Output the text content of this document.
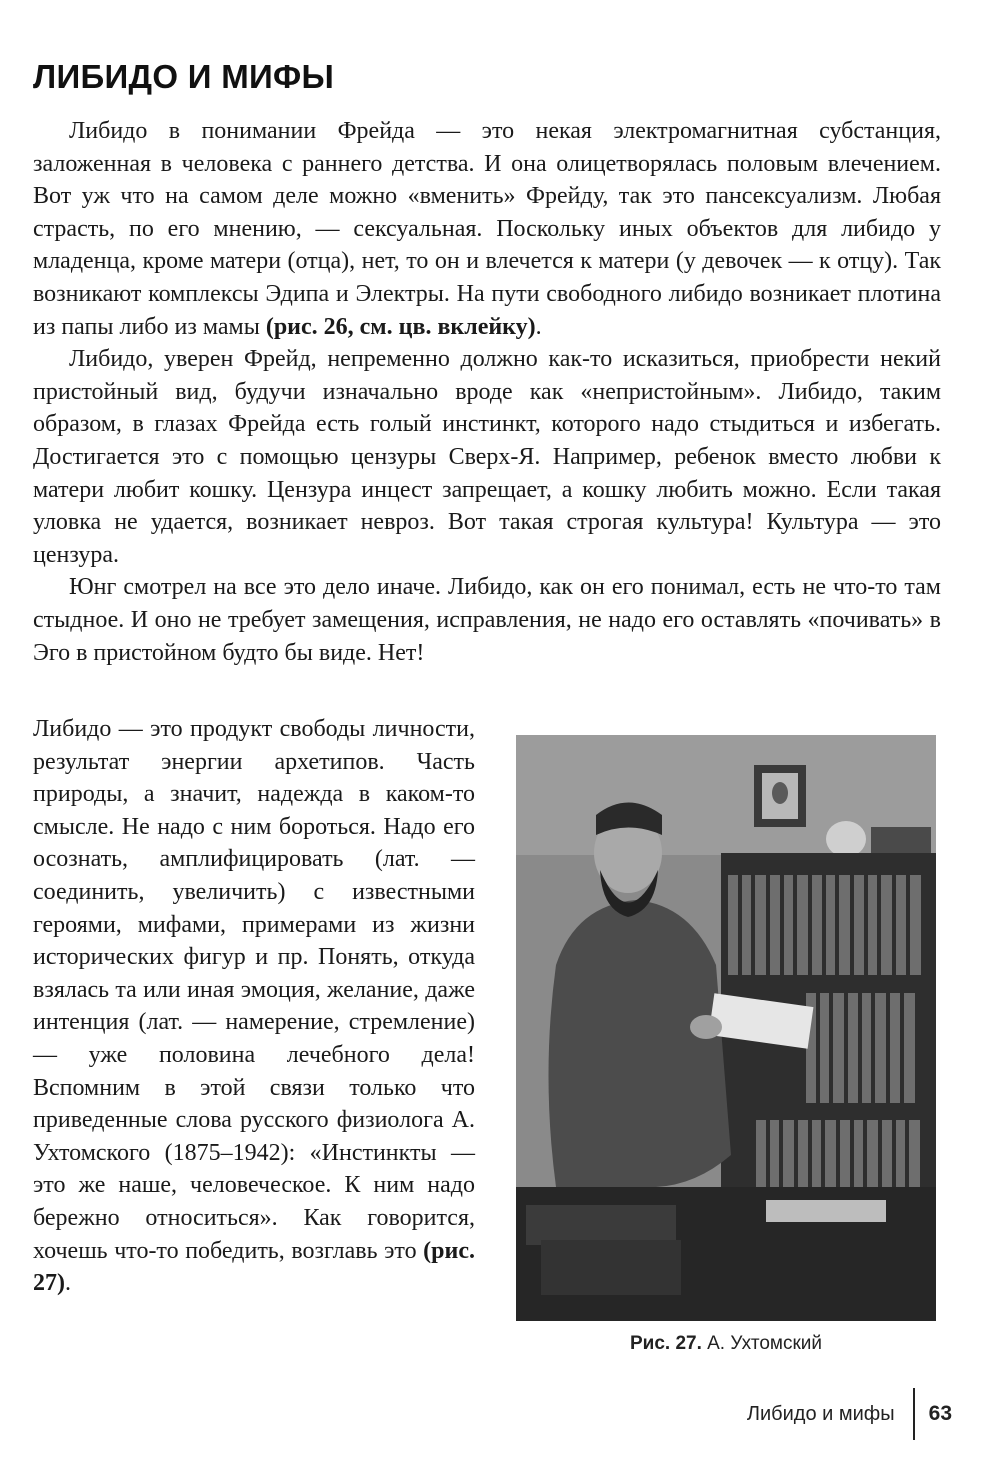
ЛИБИДО И МИФЫ

Либидо в понимании Фрейда — это некая электромагнитная субстанция, заложенная в человека с раннего детства. И она олицетворялась половым влечением. Вот уж что на самом деле можно «вменить» Фрейду, так это пансексуализм. Любая страсть, по его мнению, — сексуальная. Поскольку иных объектов для либидо у младенца, кроме матери (отца), нет, то он и влечется к матери (у девочек — к отцу). Так возникают комплексы Эдипа и Электры. На пути свободного либидо возникает плотина из папы либо из мамы (рис. 26, см. цв. вклейку).

Либидо, уверен Фрейд, непременно должно как-то исказиться, приобрести некий пристойный вид, будучи изначально вроде как «непристойным». Либидо, таким образом, в глазах Фрейда есть голый инстинкт, которого надо стыдиться и избегать. Достигается это с помощью цензуры Сверх-Я. Например, ребенок вместо любви к матери любит кошку. Цензура инцест запрещает, а кошку любить можно. Если такая уловка не удается, возникает невроз. Вот такая строгая культура! Культура — это цензура.

Юнг смотрел на все это дело иначе. Либидо, как он его понимал, есть не что-то там стыдное. И оно не требует замещения, исправления, не надо его оставлять «почивать» в Эго в пристойном будто бы виде. Нет!

Либидо — это продукт свободы личности, результат энергии архетипов. Часть природы, а значит, надежда в каком-то смысле. Не надо с ним бороться. Надо его осознать, амплифицировать (лат. — соединить, увеличить) с известными героями, мифами, примерами из жизни исторических фигур и пр. Понять, откуда взялась та или иная эмоция, желание, даже интенция (лат. — намерение, стремление) — уже половина лечебного дела! Вспомним в этой связи только что приведенные слова русского физиолога А. Ухтомского (1875–1942): «Инстинкты — это же наше, человеческое. К ним надо бережно относиться». Как говорится, хочешь что-то победить, возглавь это (рис. 27).

Рис. 27. А. Ухтомский
Либидо и мифы 63
